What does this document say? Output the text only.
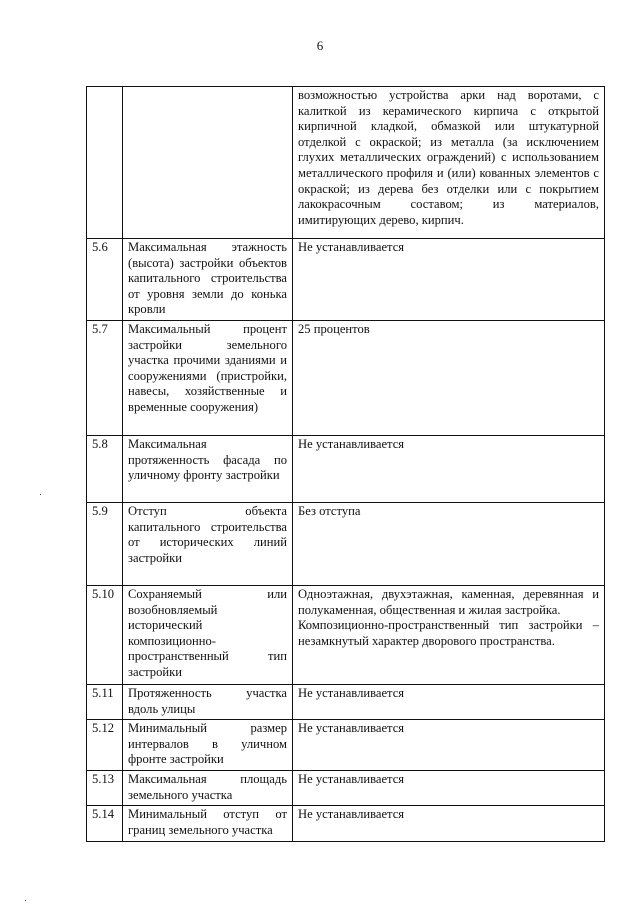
6

		возможностью устройства арки над воротами, с калиткой из керамического кирпича с открытой кирпичной кладкой, обмазкой или штукатурной отделкой с окраской; из металла (за исключением глухих металлических ограждений) с использованием металлического профиля и (или) кованных элементов с окраской; из дерева без отделки или с покрытием лакокрасочным составом; из материалов, имитирующих дерево, кирпич.

5.6	Максимальная этажность (высота) застройки объектов капитального строительства от уровня земли до конька кровли	Не устанавливается
5.7	Максимальный процент застройки земельного участка прочими зданиями и сооружениями (пристройки, навесы, хозяйственные и временные сооружения)	25 процентов
5.8	Максимальная протяженность фасада по уличному фронту застройки	Не устанавливается
5.9	Отступ объекта капитального строительства от исторических линий застройки	Без отступа
5.10	Сохраняемый или возобновляемый исторический композиционно-пространственный тип застройки	Одноэтажная, двухэтажная, каменная, деревянная и полукаменная, общественная и жилая застройка.
Композиционно-пространственный тип застройки – незамкнутый характер дворового пространства.

5.11	Протяженность участка вдоль улицы	Не устанавливается
5.12	Минимальный размер интервалов в уличном фронте застройки	Не устанавливается
5.13	Максимальная площадь земельного участка	Не устанавливается
5.14	Минимальный отступ от границ земельного участка	Не устанавливается
